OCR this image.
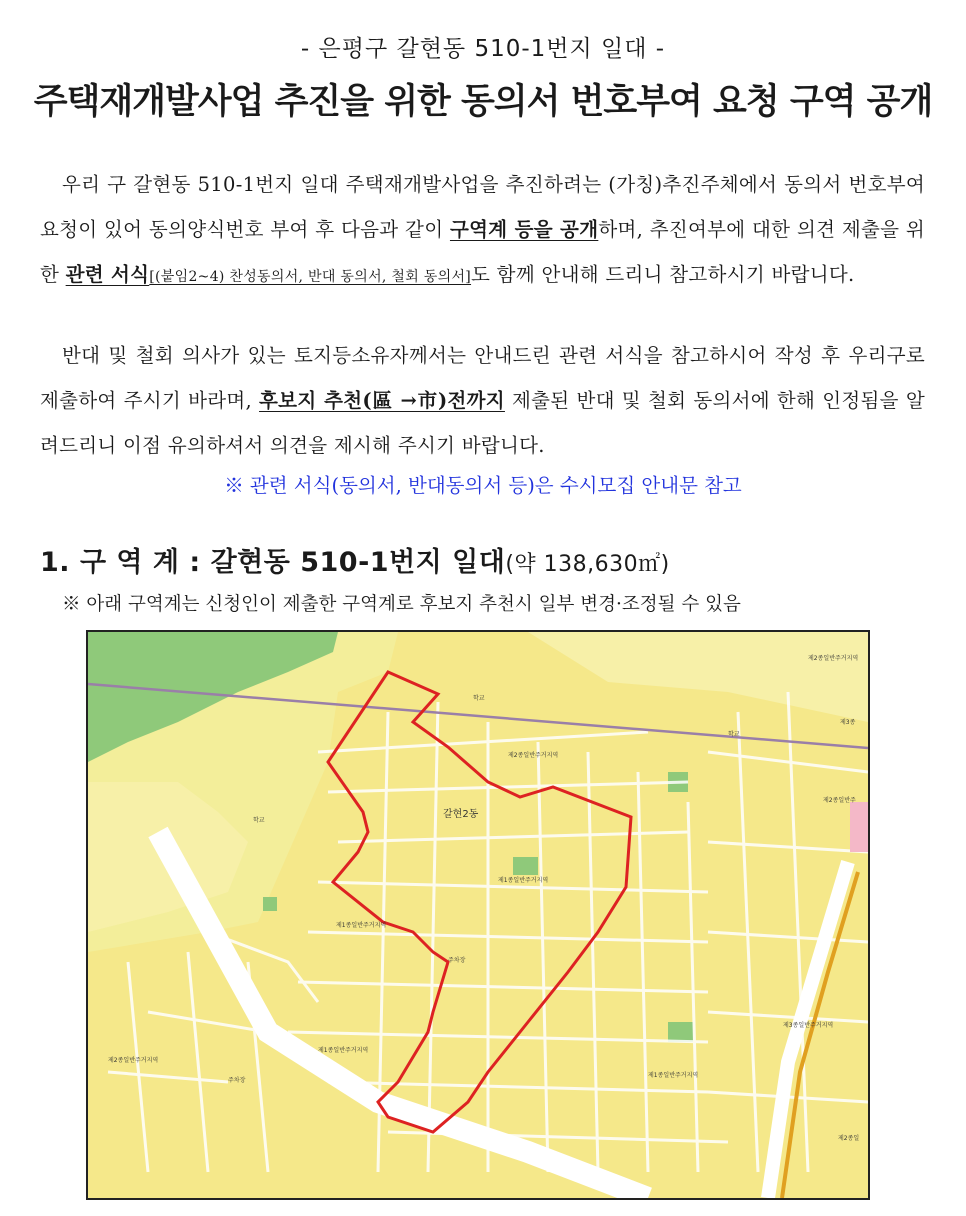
- 은평구 갈현동 510-1번지 일대 -
주택재개발사업 추진을 위한 동의서 번호부여 요청 구역 공개
우리 구 갈현동 510-1번지 일대 주택재개발사업을 추진하려는 (가칭)추진주체에서 동의서 번호부여 요청이 있어 동의양식번호 부여 후 다음과 같이 구역계 등을 공개하며, 추진여부에 대한 의견 제출을 위한 관련 서식[(붙임2~4) 찬성동의서, 반대 동의서, 철회 동의서]도 함께 안내해 드리니 참고하시기 바랍니다.
반대 및 철회 의사가 있는 토지등소유자께서는 안내드린 관련 서식을 참고하시어 작성 후 우리구로 제출하여 주시기 바라며, 후보지 추천(區 →市)전까지 제출된 반대 및 철회 동의서에 한해 인정됨을 알려드리니 이점 유의하셔서 의견을 제시해 주시기 바랍니다.
※ 관련 서식(동의서, 반대동의서 등)은 수시모집 안내문 참고
1. 구 역 계 : 갈현동 510-1번지 일대(약 138,630㎡)
※ 아래 구역계는 신청인이 제출한 구역계로 후보지 추천시 일부 변경·조정될 수 있음
갈현2동
제2종일반주거지역
제3종
제2종일반주거지역
제2종일반주
제1종일반주거지역
제1종일반주거지역
제1종일반주거지역
제2종일반주거지역
제3종일반주거지역
제1종일반주거지역
제2종일
학교
학교
학교
주차장
주차장
